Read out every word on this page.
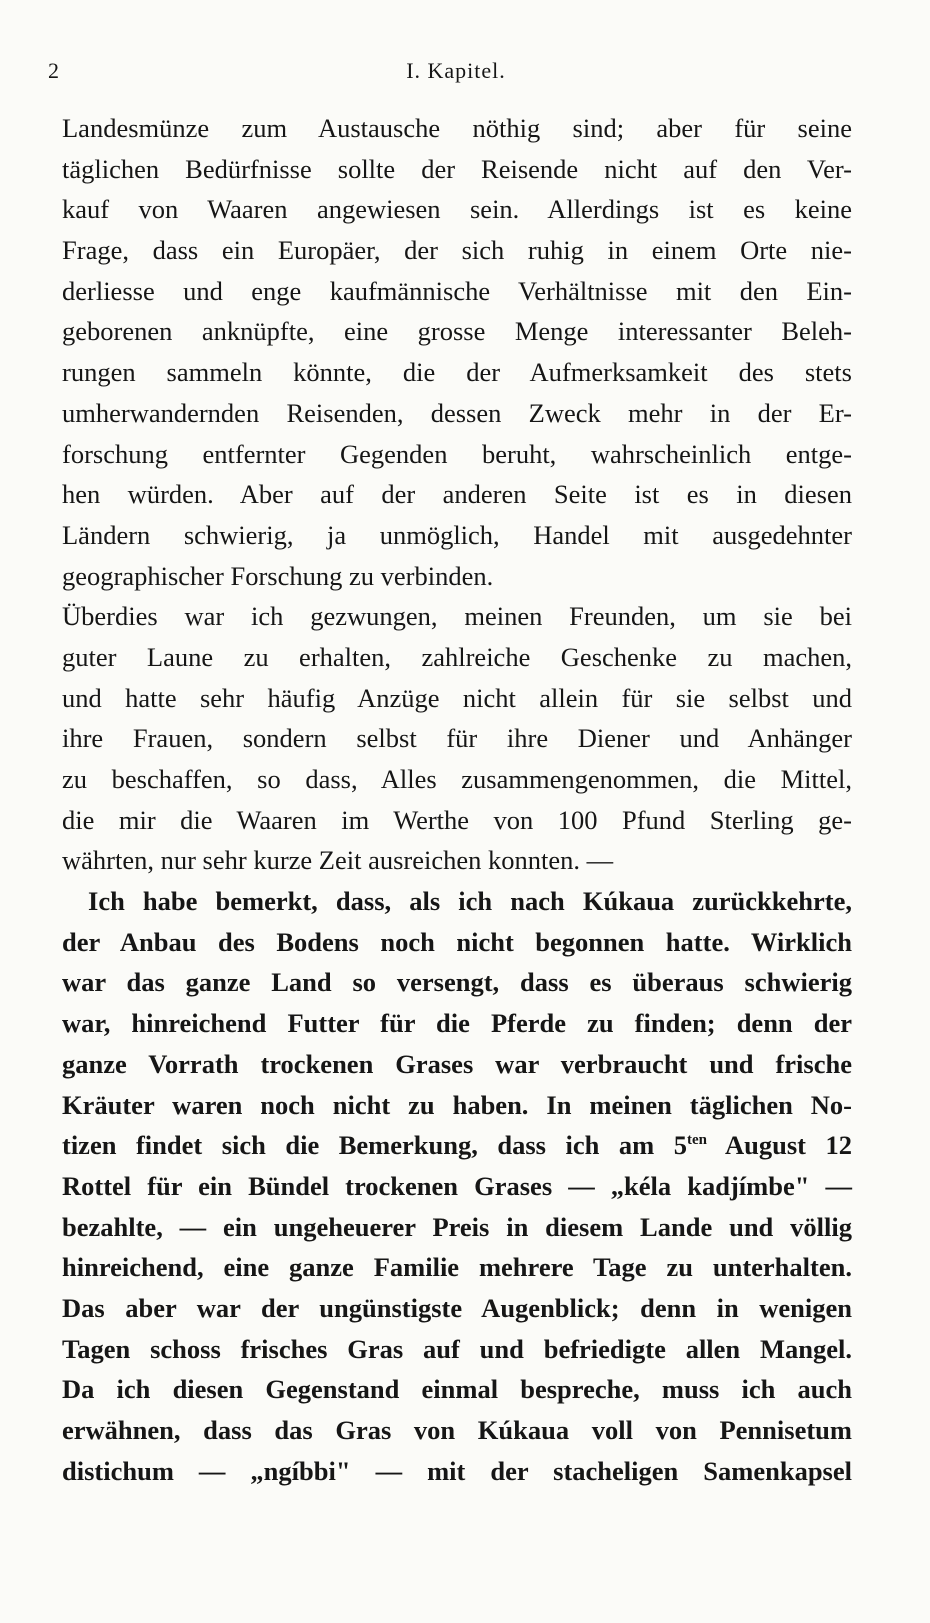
2	I. Kapitel.
Landesmünze zum Austausche nöthig sind; aber für seine
täglichen Bedürfnisse sollte der Reisende nicht auf den Ver-
kauf von Waaren angewiesen sein. Allerdings ist es keine
Frage, dass ein Europäer, der sich ruhig in einem Orte nie-
derliesse und enge kaufmännische Verhältnisse mit den Ein-
geborenen anknüpfte, eine grosse Menge interessanter Beleh-
rungen sammeln könnte, die der Aufmerksamkeit des stets
umherwandernden Reisenden, dessen Zweck mehr in der Er-
forschung entfernter Gegenden beruht, wahrscheinlich entge-
hen würden. Aber auf der anderen Seite ist es in diesen
Ländern schwierig, ja unmöglich, Handel mit ausgedehnter
geographischer Forschung zu verbinden.
Überdies war ich gezwungen, meinen Freunden, um sie bei
guter Laune zu erhalten, zahlreiche Geschenke zu machen,
und hatte sehr häufig Anzüge nicht allein für sie selbst und
ihre Frauen, sondern selbst für ihre Diener und Anhänger
zu beschaffen, so dass, Alles zusammengenommen, die Mittel,
die mir die Waaren im Werthe von 100 Pfund Sterling ge-
währten, nur sehr kurze Zeit ausreichen konnten. —
Ich habe bemerkt, dass, als ich nach Kúkaua zurückkehrte,
der Anbau des Bodens noch nicht begonnen hatte. Wirklich
war das ganze Land so versengt, dass es überaus schwierig
war, hinreichend Futter für die Pferde zu finden; denn der
ganze Vorrath trockenen Grases war verbraucht und frische
Kräuter waren noch nicht zu haben. In meinen täglichen No-
tizen findet sich die Bemerkung, dass ich am $5^{ten}$ August 12
Rottel für ein Bündel trockenen Grases — „kéla kadjímbe" —
bezahlte, — ein ungeheuerer Preis in diesem Lande und völlig
hinreichend, eine ganze Familie mehrere Tage zu unterhalten.
Das aber war der ungünstigste Augenblick; denn in wenigen
Tagen schoss frisches Gras auf und befriedigte allen Mangel.
Da ich diesen Gegenstand einmal bespreche, muss ich auch
erwähnen, dass das Gras von Kúkaua voll von Pennisetum
distichum — „ngíbbi" — mit der stacheligen Samenkapsel
